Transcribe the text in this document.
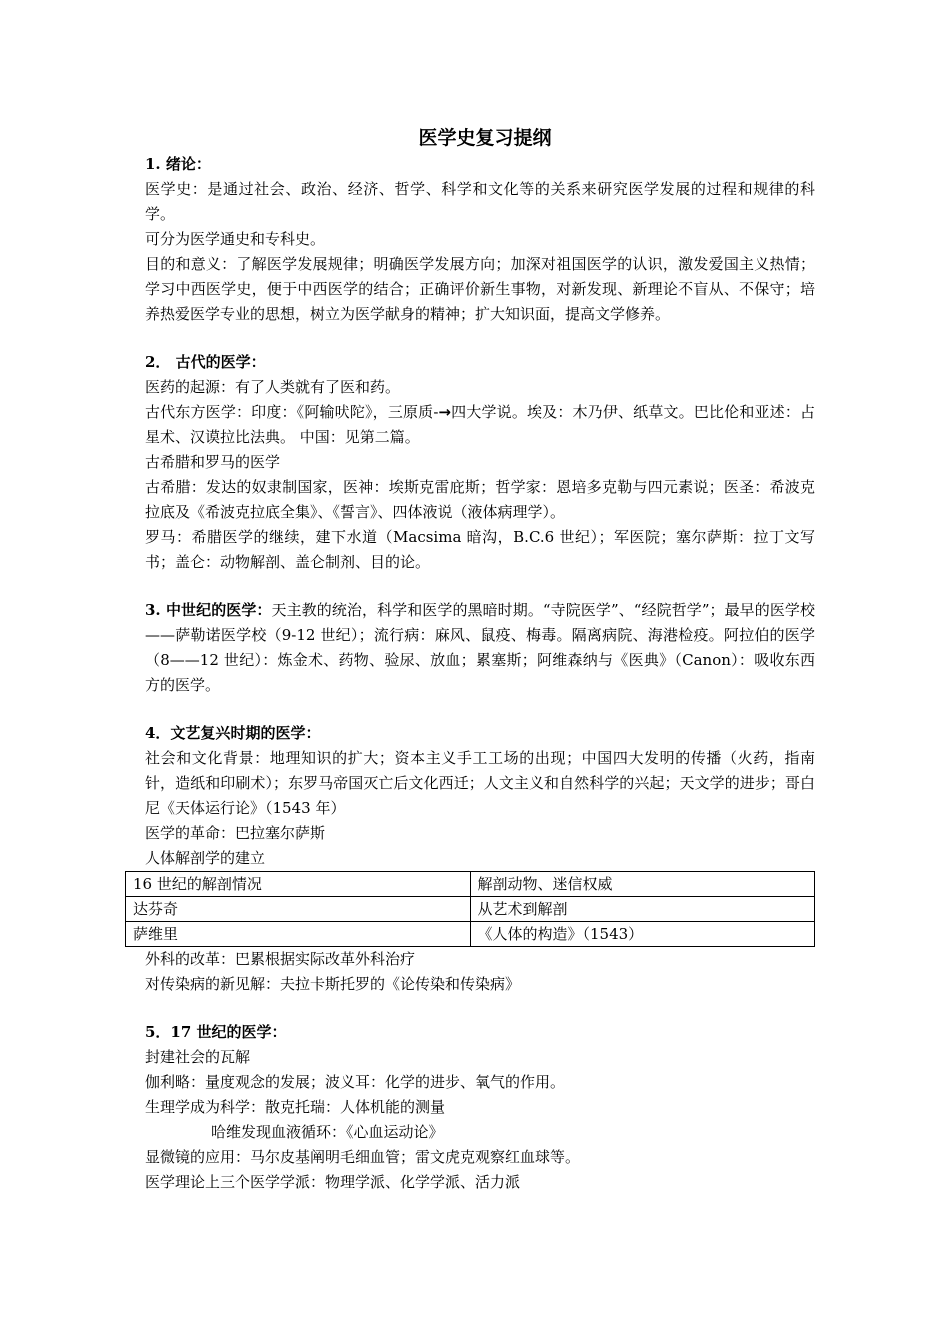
医学史复习提纲

1. 绪论：

医学史：是通过社会、政治、经济、哲学、科学和文化等的关系来研究医学发展的过程和规律的科学。

可分为医学通史和专科史。

目的和意义：了解医学发展规律；明确医学发展方向；加深对祖国医学的认识，激发爱国主义热情；学习中西医学史，便于中西医学的结合；正确评价新生事物，对新发现、新理论不盲从、不保守；培养热爱医学专业的思想，树立为医学献身的精神；扩大知识面，提高文学修养。

2． 古代的医学：

医药的起源：有了人类就有了医和药。

古代东方医学：印度：《阿输吠陀》，三原质-→四大学说。埃及：木乃伊、纸草文。巴比伦和亚述：占星术、汉谟拉比法典。 中国：见第二篇。

古希腊和罗马的医学

古希腊：发达的奴隶制国家，医神：埃斯克雷庇斯；哲学家：恩培多克勒与四元素说；医圣：希波克拉底及《希波克拉底全集》、《誓言》、四体液说（液体病理学）。

罗马：希腊医学的继续，建下水道（Macsima 暗沟，B.C.6 世纪）；军医院；塞尔萨斯：拉丁文写书；盖仑：动物解剖、盖仑制剂、目的论。

3. 中世纪的医学：天主教的统治，科学和医学的黑暗时期。“寺院医学”、“经院哲学”；最早的医学校——萨勒诺医学校（9-12 世纪）；流行病：麻风、鼠疫、梅毒。隔离病院、海港检疫。阿拉伯的医学（8——12 世纪）：炼金术、药物、验尿、放血；累塞斯；阿维森纳与《医典》（Canon）：吸收东西方的医学。

4．文艺复兴时期的医学：

社会和文化背景：地理知识的扩大；资本主义手工工场的出现；中国四大发明的传播（火药，指南针，造纸和印刷术）；东罗马帝国灭亡后文化西迁；人文主义和自然科学的兴起；天文学的进步；哥白尼《天体运行论》（1543 年）

医学的革命：巴拉塞尔萨斯

人体解剖学的建立

16 世纪的解剖情况	解剖动物、迷信权威
达芬奇	从艺术到解剖
萨维里	《人体的构造》（1543）

外科的改革：巴累根据实际改革外科治疗

对传染病的新见解：夫拉卡斯托罗的《论传染和传染病》

5．17 世纪的医学：

封建社会的瓦解

伽利略：量度观念的发展；波义耳：化学的进步、氧气的作用。

生理学成为科学：散克托瑞：人体机能的测量

哈维发现血液循环：《心血运动论》

显微镜的应用：马尔皮基阐明毛细血管；雷文虎克观察红血球等。

医学理论上三个医学学派：物理学派、化学学派、活力派
